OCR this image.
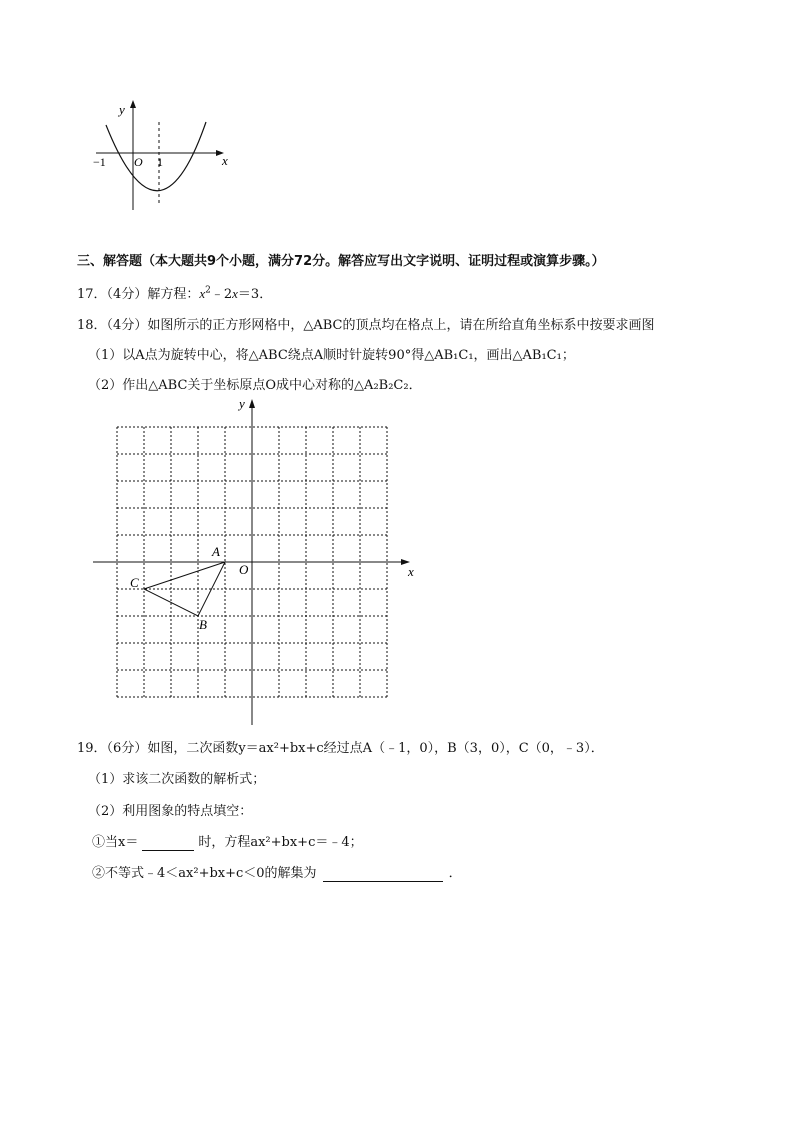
y
x
−1 O 1
三、解答题（本大题共9个小题，满分72分。解答应写出文字说明、证明过程或演算步骤。）
17．（4分）解方程：$x^2﹣2x=3$．
18．（4分）如图所示的正方形网格中，△ABC的顶点均在格点上，请在所给直角坐标系中按要求画图
（1）以A点为旋转中心，将△ABC绕点A顺时针旋转90°得△AB₁C₁，画出△AB₁C₁；
（2）作出△ABC关于坐标原点O成中心对称的△A₂B₂C₂．
y
x
O
A
B
C
19．（6分）如图，二次函数y＝ax²+bx+c经过点A（﹣1，0），B（3，0），C（0，﹣3）．
（1）求该二次函数的解析式；
（2）利用图象的特点填空：
①当x＝	时，方程ax²+bx+c＝﹣4；
②不等式﹣4＜ax²+bx+c＜0的解集为	．
